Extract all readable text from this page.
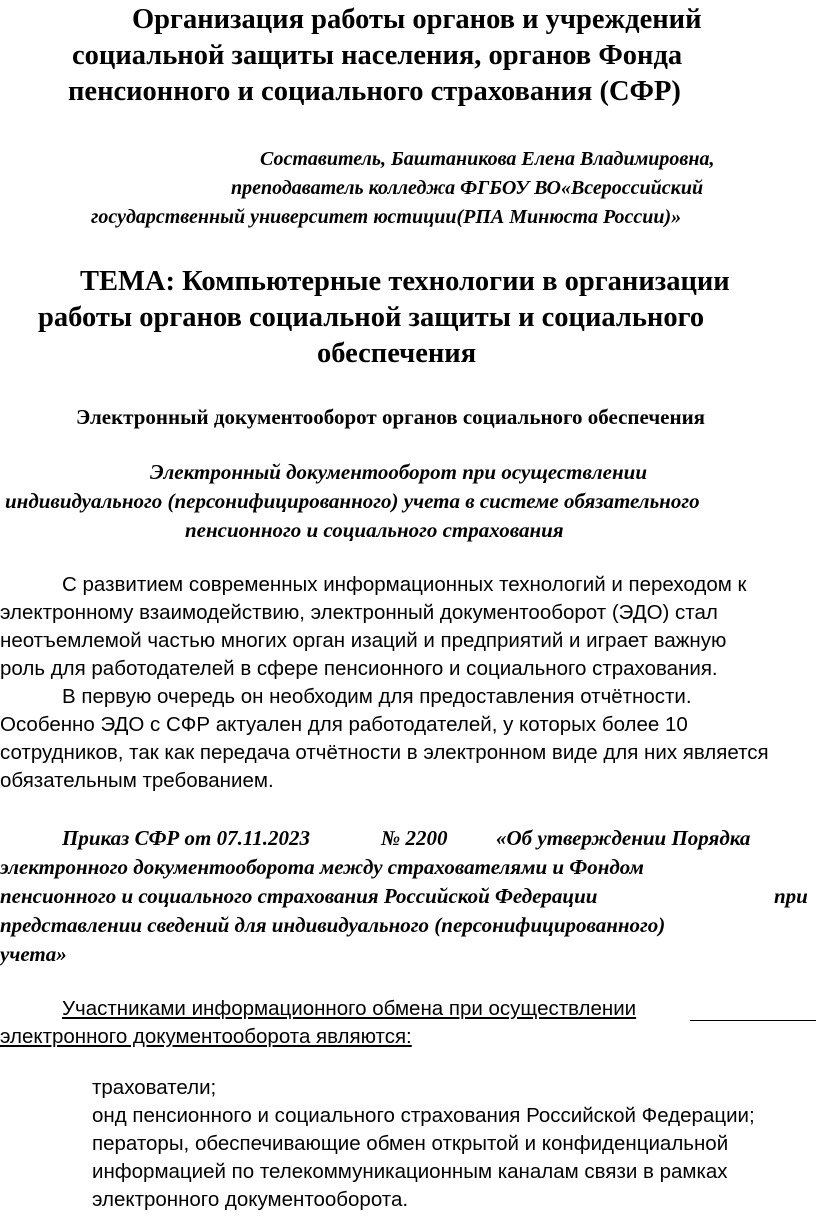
Организация работы органов и учреждений
социальной защиты населения, органов Фонда
пенсионного и социального страхования (СФР)
Составитель, Баштаникова Елена Владимировна,
преподаватель колледжа ФГБОУ ВО«Всероссийский
государственный университет юстиции(РПА Минюста России)»
ТЕМА: Компьютерные технологии в организации
работы органов социальной защиты и социального
обеспечения
Электронный документооборот органов социального обеспечения
Электронный документооборот при осуществлении
индивидуального (персонифицированного) учета в системе обязательного
пенсионного и социального страхования
С развитием современных информационных технологий и переходом к
электронному взаимодействию, электронный документооборот (ЭДО) стал
неотъемлемой частью многих орган изаций и предприятий и играет важную
роль для работодателей в сфере пенсионного и социального страхования.
В первую очередь он необходим для предоставления отчётности.
Особенно ЭДО с СФР актуален для работодателей, у которых более 10
сотрудников, так как передача отчётности в электронном виде для них является
обязательным требованием.
Приказ СФР от 07.11.2023	№ 2200 «Об утверждении Порядка
электронного документооборота между страхователями и Фондом
пенсионного и социального страхования Российской Федерации	при
представлении сведений для индивидуального (персонифицированного)
учета»
Участниками информационного обмена при осуществлении
электронного документооборота являются:
трахователи;
онд пенсионного и социального страхования Российской Федерации;
ператоры, обеспечивающие обмен открытой и конфиденциальной
информацией по телекоммуникационным каналам связи в рамках
электронного документооборота.
